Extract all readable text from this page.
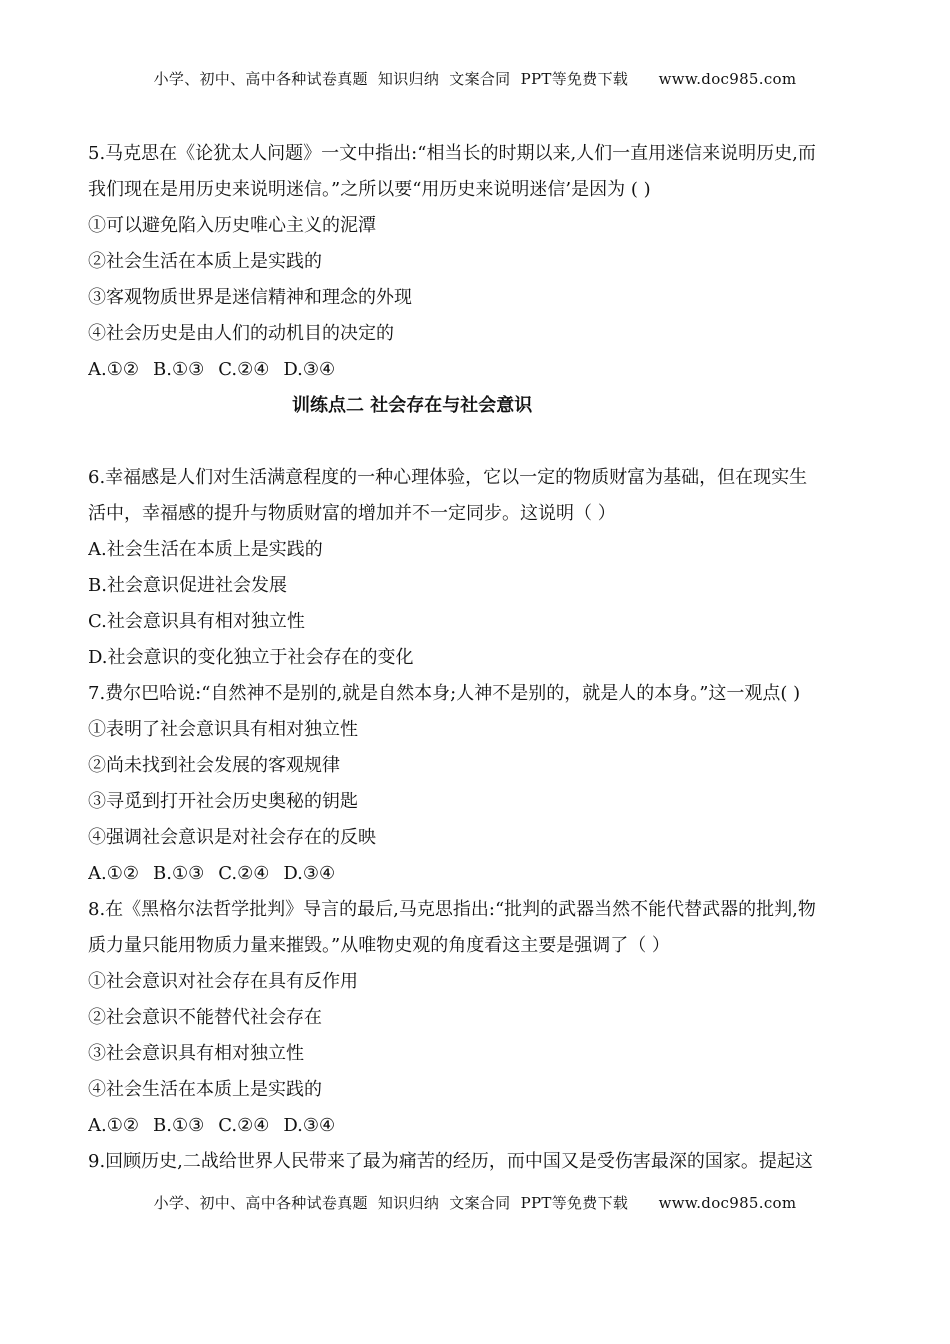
小学、初中、高中各种试卷真题  知识归纳  文案合同  PPT等免费下载      www.doc985.com
5.马克思在《论犹太人问题》一文中指出:“相当长的时期以来,人们一直用迷信来说明历史,而
我们现在是用历史来说明迷信。”之所以要“用历史来说明迷信’是因为 ( )
①可以避免陷入历史唯心主义的泥潭
②社会生活在本质上是实践的
③客观物质世界是迷信精神和理念的外现
④社会历史是由人们的动机目的决定的
A.①② B.①③ C.②④ D.③④
训练点二 社会存在与社会意识
6.幸福感是人们对生活满意程度的一种心理体验，它以一定的物质财富为基础，但在现实生
活中，幸福感的提升与物质财富的增加并不一定同步。这说明（ ）
A.社会生活在本质上是实践的
B.社会意识促进社会发展
C.社会意识具有相对独立性
D.社会意识的变化独立于社会存在的变化
7.费尔巴哈说:“自然神不是别的,就是自然本身;人神不是别的，就是人的本身。”这一观点( )
①表明了社会意识具有相对独立性
②尚未找到社会发展的客观规律
③寻觅到打开社会历史奥秘的钥匙
④强调社会意识是对社会存在的反映
A.①② B.①③ C.②④ D.③④
8.在《黑格尔法哲学批判》导言的最后,马克思指出:“批判的武器当然不能代替武器的批判,物
质力量只能用物质力量来摧毁。”从唯物史观的角度看这主要是强调了（ ）
①社会意识对社会存在具有反作用
②社会意识不能替代社会存在
③社会意识具有相对独立性
④社会生活在本质上是实践的
A.①② B.①③ C.②④ D.③④
9.回顾历史,二战给世界人民带来了最为痛苦的经历，而中国又是受伤害最深的国家。提起这
小学、初中、高中各种试卷真题  知识归纳  文案合同  PPT等免费下载      www.doc985.com
